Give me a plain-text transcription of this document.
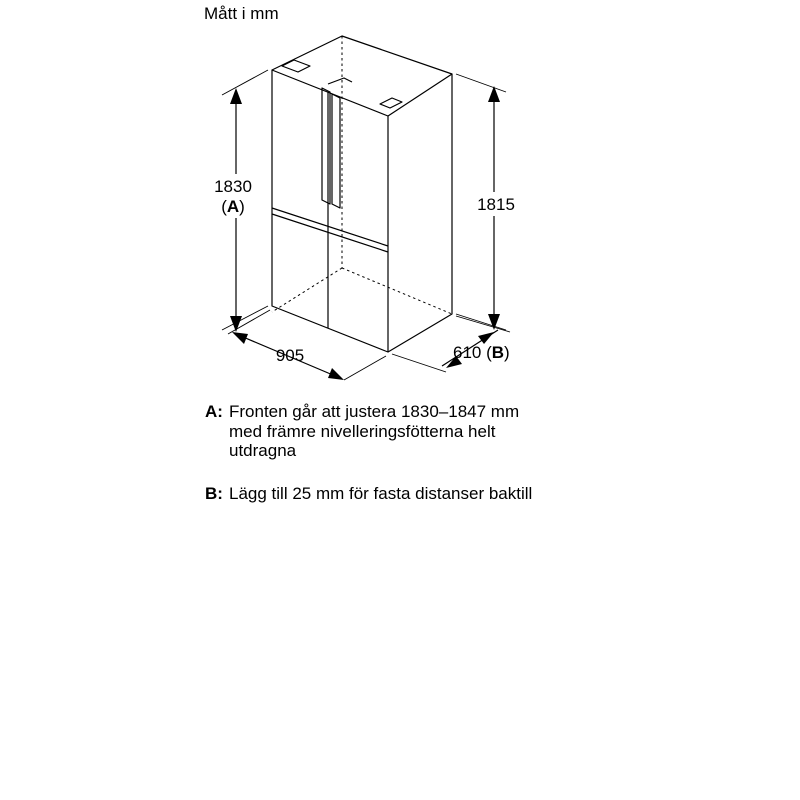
Mått i mm
1830
(A)	1815
905	610 (B)
A: Fronten går att justera 1830–1847 mm
med främre nivelleringsfötterna helt
utdragna
B: Lägg till 25 mm för fasta distanser baktill
